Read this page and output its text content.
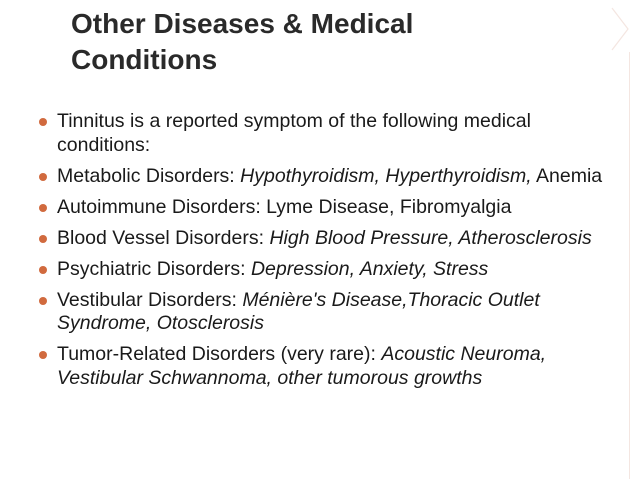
Other Diseases & Medical
Conditions
Tinnitus is a reported symptom of the following medical conditions:
Metabolic Disorders: Hypothyroidism, Hyperthyroidism, Anemia
Autoimmune Disorders: Lyme Disease, Fibromyalgia
Blood Vessel Disorders: High Blood Pressure, Atherosclerosis
Psychiatric Disorders: Depression, Anxiety, Stress
Vestibular Disorders: Ménière's Disease,Thoracic Outlet Syndrome, Otosclerosis
Tumor-Related Disorders (very rare): Acoustic Neuroma, Vestibular Schwannoma, other tumorous growths
